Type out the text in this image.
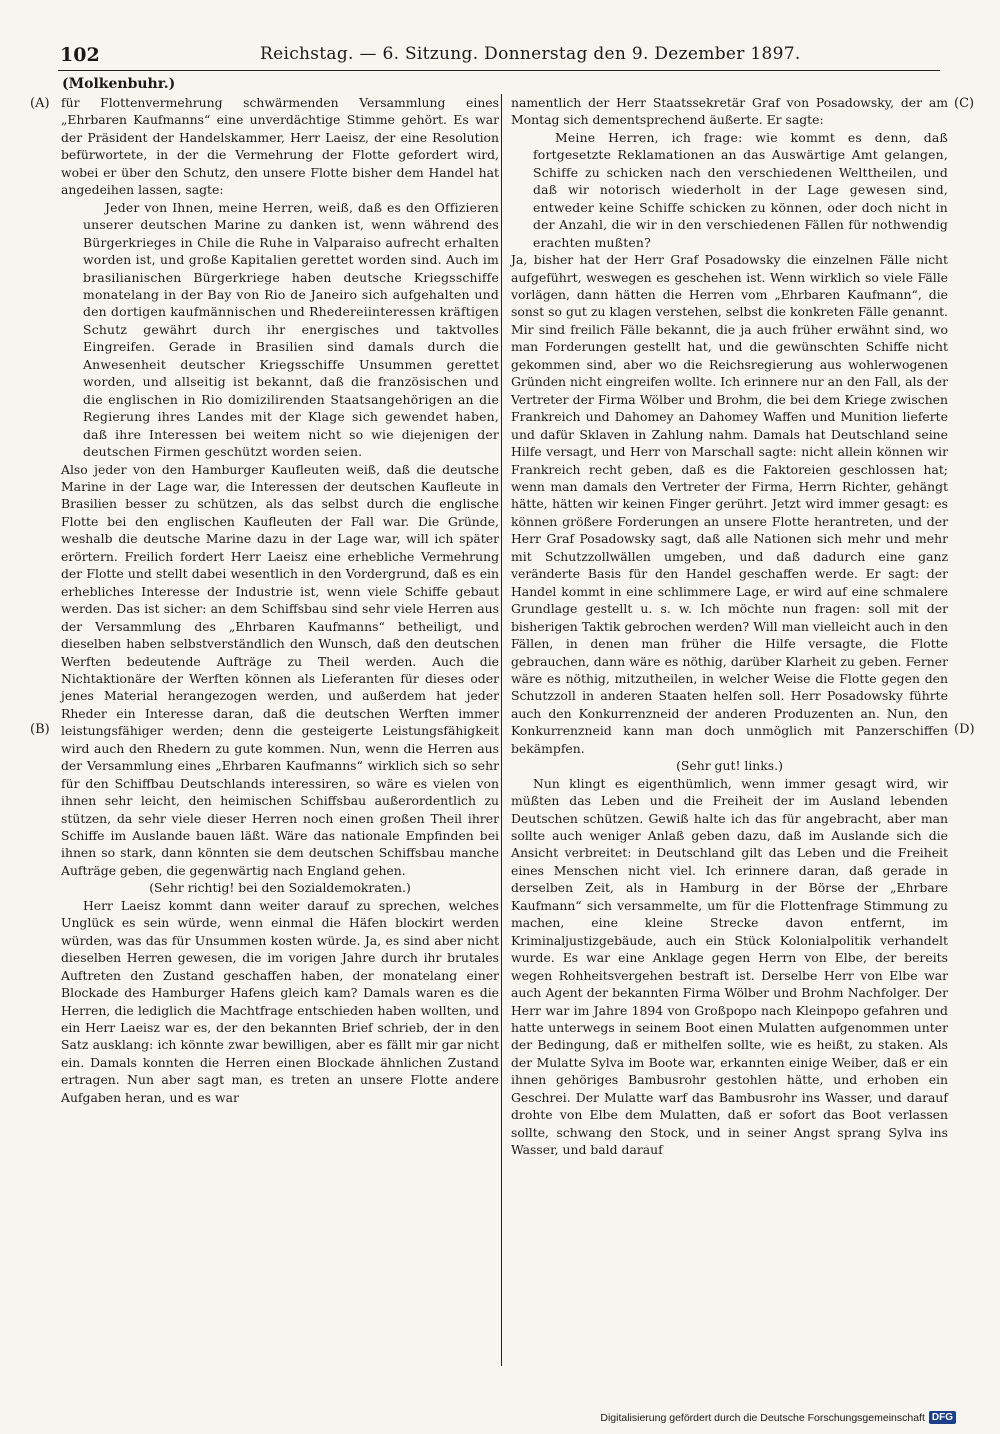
102	Reichstag. — 6. Sitzung. Donnerstag den 9. Dezember 1897.
(Molkenbuhr.)
(A)
(B)
(C)
(D)

für Flottenvermehrung schwärmenden Versammlung eines „Ehrbaren Kaufmanns“ eine unverdächtige Stimme gehört. Es war der Präsident der Handelskammer, Herr Laeisz, der eine Resolution befürwortete, in der die Vermehrung der Flotte gefordert wird, wobei er über den Schutz, den unsere Flotte bisher dem Handel hat angedeihen lassen, sagte:

Jeder von Ihnen, meine Herren, weiß, daß es den Offizieren unserer deutschen Marine zu danken ist, wenn während des Bürgerkrieges in Chile die Ruhe in Valparaiso aufrecht erhalten worden ist, und große Kapitalien gerettet worden sind. Auch im brasilianischen Bürgerkriege haben deutsche Kriegsschiffe monatelang in der Bay von Rio de Janeiro sich aufgehalten und den dortigen kaufmännischen und Rhedereiinteressen kräftigen Schutz gewährt durch ihr energisches und taktvolles Eingreifen. Gerade in Brasilien sind damals durch die Anwesenheit deutscher Kriegsschiffe Unsummen gerettet worden, und allseitig ist bekannt, daß die französischen und die englischen in Rio domizilirenden Staatsangehörigen an die Regierung ihres Landes mit der Klage sich gewendet haben, daß ihre Interessen bei weitem nicht so wie diejenigen der deutschen Firmen geschützt worden seien.

Also jeder von den Hamburger Kaufleuten weiß, daß die deutsche Marine in der Lage war, die Interessen der deutschen Kaufleute in Brasilien besser zu schützen, als das selbst durch die englische Flotte bei den englischen Kaufleuten der Fall war. Die Gründe, weshalb die deutsche Marine dazu in der Lage war, will ich später erörtern. Freilich fordert Herr Laeisz eine erhebliche Vermehrung der Flotte und stellt dabei wesentlich in den Vordergrund, daß es ein erhebliches Interesse der Industrie ist, wenn viele Schiffe gebaut werden. Das ist sicher: an dem Schiffsbau sind sehr viele Herren aus der Versammlung des „Ehrbaren Kaufmanns“ betheiligt, und dieselben haben selbstverständlich den Wunsch, daß den deutschen Werften bedeutende Aufträge zu Theil werden. Auch die Nichtaktionäre der Werften können als Lieferanten für dieses oder jenes Material herangezogen werden, und außerdem hat jeder Rheder ein Interesse daran, daß die deutschen Werften immer leistungsfähiger werden; denn die gesteigerte Leistungsfähigkeit wird auch den Rhedern zu gute kommen. Nun, wenn die Herren aus der Versammlung eines „Ehrbaren Kaufmanns“ wirklich sich so sehr für den Schiffbau Deutschlands interessiren, so wäre es vielen von ihnen sehr leicht, den heimischen Schiffsbau außerordentlich zu stützen, da sehr viele dieser Herren noch einen großen Theil ihrer Schiffe im Auslande bauen läßt. Wäre das nationale Empfinden bei ihnen so stark, dann könnten sie dem deutschen Schiffsbau manche Aufträge geben, die gegenwärtig nach England gehen.

(Sehr richtig! bei den Sozialdemokraten.)

Herr Laeisz kommt dann weiter darauf zu sprechen, welches Unglück es sein würde, wenn einmal die Häfen blockirt werden würden, was das für Unsummen kosten würde. Ja, es sind aber nicht dieselben Herren gewesen, die im vorigen Jahre durch ihr brutales Auftreten den Zustand geschaffen haben, der monatelang einer Blockade des Hamburger Hafens gleich kam? Damals waren es die Herren, die lediglich die Machtfrage entschieden haben wollten, und ein Herr Laeisz war es, der den bekannten Brief schrieb, der in den Satz ausklang: ich könnte zwar bewilligen, aber es fällt mir gar nicht ein. Damals konnten die Herren einen Blockade ähnlichen Zustand ertragen. Nun aber sagt man, es treten an unsere Flotte andere Aufgaben heran, und es war

namentlich der Herr Staatssekretär Graf von Posadowsky, der am Montag sich dementsprechend äußerte. Er sagte:

Meine Herren, ich frage: wie kommt es denn, daß fortgesetzte Reklamationen an das Auswärtige Amt gelangen, Schiffe zu schicken nach den verschiedenen Welttheilen, und daß wir notorisch wiederholt in der Lage gewesen sind, entweder keine Schiffe schicken zu können, oder doch nicht in der Anzahl, die wir in den verschiedenen Fällen für nothwendig erachten mußten?

Ja, bisher hat der Herr Graf Posadowsky die einzelnen Fälle nicht aufgeführt, weswegen es geschehen ist. Wenn wirklich so viele Fälle vorlägen, dann hätten die Herren vom „Ehrbaren Kaufmann“, die sonst so gut zu klagen verstehen, selbst die konkreten Fälle genannt. Mir sind freilich Fälle bekannt, die ja auch früher erwähnt sind, wo man Forderungen gestellt hat, und die gewünschten Schiffe nicht gekommen sind, aber wo die Reichsregierung aus wohlerwogenen Gründen nicht eingreifen wollte. Ich erinnere nur an den Fall, als der Vertreter der Firma Wölber und Brohm, die bei dem Kriege zwischen Frankreich und Dahomey an Dahomey Waffen und Munition lieferte und dafür Sklaven in Zahlung nahm. Damals hat Deutschland seine Hilfe versagt, und Herr von Marschall sagte: nicht allein können wir Frankreich recht geben, daß es die Faktoreien geschlossen hat; wenn man damals den Vertreter der Firma, Herrn Richter, gehängt hätte, hätten wir keinen Finger gerührt. Jetzt wird immer gesagt: es können größere Forderungen an unsere Flotte herantreten, und der Herr Graf Posadowsky sagt, daß alle Nationen sich mehr und mehr mit Schutzzollwällen umgeben, und daß dadurch eine ganz veränderte Basis für den Handel geschaffen werde. Er sagt: der Handel kommt in eine schlimmere Lage, er wird auf eine schmalere Grundlage gestellt u. s. w. Ich möchte nun fragen: soll mit der bisherigen Taktik gebrochen werden? Will man vielleicht auch in den Fällen, in denen man früher die Hilfe versagte, die Flotte gebrauchen, dann wäre es nöthig, darüber Klarheit zu geben. Ferner wäre es nöthig, mitzutheilen, in welcher Weise die Flotte gegen den Schutzzoll in anderen Staaten helfen soll. Herr Posadowsky führte auch den Konkurrenzneid der anderen Produzenten an. Nun, den Konkurrenzneid kann man doch unmöglich mit Panzerschiffen bekämpfen.

(Sehr gut! links.)

Nun klingt es eigenthümlich, wenn immer gesagt wird, wir müßten das Leben und die Freiheit der im Ausland lebenden Deutschen schützen. Gewiß halte ich das für angebracht, aber man sollte auch weniger Anlaß geben dazu, daß im Auslande sich die Ansicht verbreitet: in Deutschland gilt das Leben und die Freiheit eines Menschen nicht viel. Ich erinnere daran, daß gerade in derselben Zeit, als in Hamburg in der Börse der „Ehrbare Kaufmann“ sich versammelte, um für die Flottenfrage Stimmung zu machen, eine kleine Strecke davon entfernt, im Kriminaljustizgebäude, auch ein Stück Kolonialpolitik verhandelt wurde. Es war eine Anklage gegen Herrn von Elbe, der bereits wegen Rohheitsvergehen bestraft ist. Derselbe Herr von Elbe war auch Agent der bekannten Firma Wölber und Brohm Nachfolger. Der Herr war im Jahre 1894 von Großpopo nach Kleinpopo gefahren und hatte unterwegs in seinem Boot einen Mulatten aufgenommen unter der Bedingung, daß er mithelfen sollte, wie es heißt, zu staken. Als der Mulatte Sylva im Boote war, erkannten einige Weiber, daß er ein ihnen gehöriges Bambusrohr gestohlen hätte, und erhoben ein Geschrei. Der Mulatte warf das Bambusrohr ins Wasser, und darauf drohte von Elbe dem Mulatten, daß er sofort das Boot verlassen sollte, schwang den Stock, und in seiner Angst sprang Sylva ins Wasser, und bald darauf

Digitalisierung gefördert durch die Deutsche Forschungsgemeinschaft DFG
